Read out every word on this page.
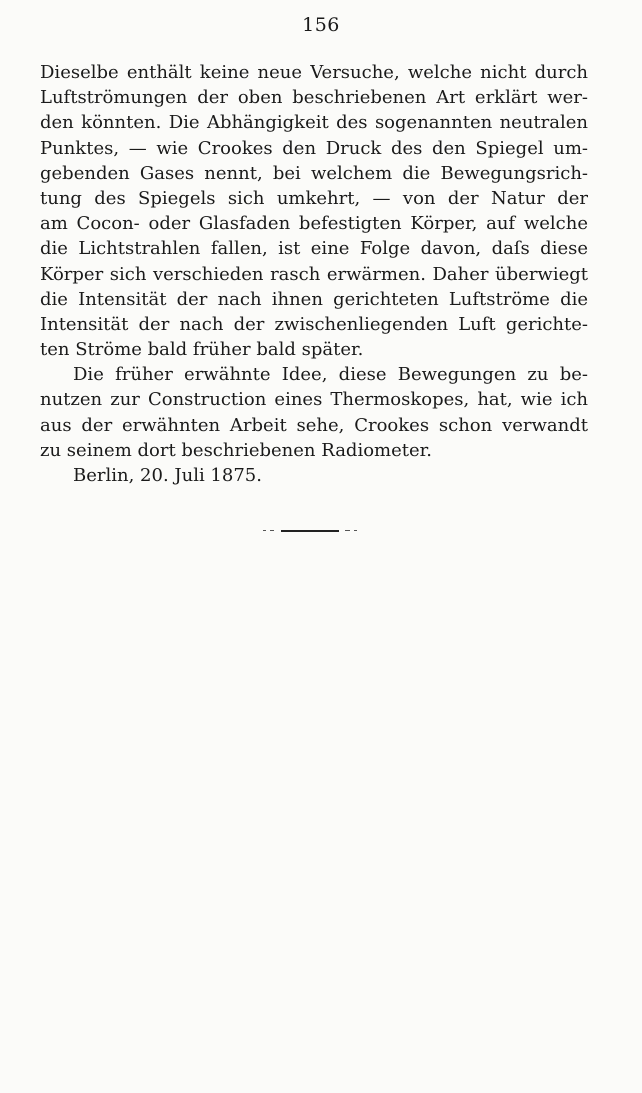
156
Dieselbe enthält keine neue Versuche, welche nicht durch
Luftströmungen der oben beschriebenen Art erklärt wer-
den könnten. Die Abhängigkeit des sogenannten neutralen
Punktes, — wie Crookes den Druck des den Spiegel um-
gebenden Gases nennt, bei welchem die Bewegungsrich-
tung des Spiegels sich umkehrt, — von der Natur der
am Cocon- oder Glasfaden befestigten Körper, auf welche
die Lichtstrahlen fallen, ist eine Folge davon, daſs diese
Körper sich verschieden rasch erwärmen. Daher überwiegt
die Intensität der nach ihnen gerichteten Luftströme die
Intensität der nach der zwischenliegenden Luft gerichte-
ten Ströme bald früher bald später.
Die früher erwähnte Idee, diese Bewegungen zu be-
nutzen zur Construction eines Thermoskopes, hat, wie ich
aus der erwähnten Arbeit sehe, Crookes schon verwandt
zu seinem dort beschriebenen Radiometer.
Berlin, 20. Juli 1875.
